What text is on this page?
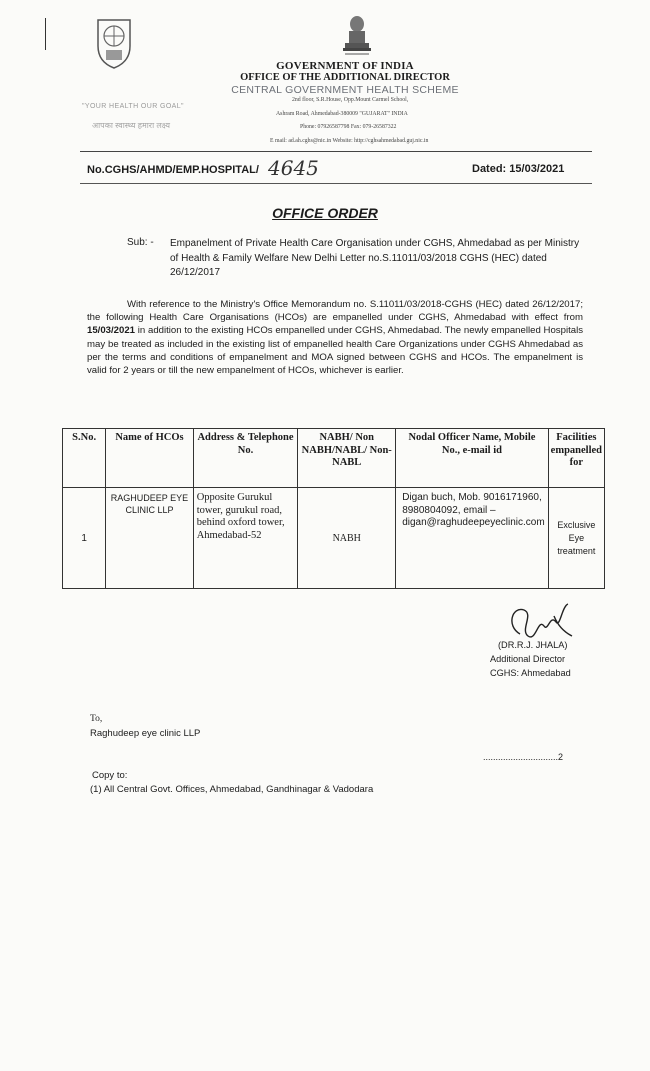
GOVERNMENT OF INDIA
OFFICE OF THE ADDITIONAL DIRECTOR
CENTRAL GOVERNMENT HEALTH SCHEME
2nd floor, S.R.House, Opp.Mount Carmel School,
Ashram Road, Ahmedabad-380009 "GUJARAT" INDIA
Phone: 07926587798 Fax: 079-26587322
E mail: ad.ah.cghs@nic.in Website: http://cghsahmedabad.guj.nic.in
"YOUR HEALTH OUR GOAL"
आपका स्वास्थ्य हमारा लक्ष्य
No.CGHS/AHMD/EMP.HOSPITAL/ 4645	Dated: 15/03/2021
OFFICE ORDER
Sub: - Empanelment of Private Health Care Organisation under CGHS, Ahmedabad as per Ministry of Health & Family Welfare New Delhi Letter no.S.11011/03/2018 CGHS (HEC) dated 26/12/2017
With reference to the Ministry's Office Memorandum no. S.11011/03/2018-CGHS (HEC) dated 26/12/2017; the following Health Care Organisations (HCOs) are empanelled under CGHS, Ahmedabad with effect from 15/03/2021 in addition to the existing HCOs empanelled under CGHS, Ahmedabad. The newly empanelled Hospitals may be treated as included in the existing list of empanelled health Care Organizations under CGHS Ahmedabad as per the terms and conditions of empanelment and MOA signed between CGHS and HCOs. The empanelment is valid for 2 years or till the new empanelment of HCOs, whichever is earlier.
S.No.	Name of HCOs	Address & Telephone No.	NABH/ Non NABH/NABL/ Non-NABL	Nodal Officer Name, Mobile No., e-mail id	Facilities empanelled for
1	RAGHUDEEP EYE CLINIC LLP	Opposite Gurukul tower, gurukul road, behind oxford tower, Ahmedabad-52	NABH	Digan buch, Mob. 9016171960, 8980804092, email – digan@raghudeepeyeclinic.com	Exclusive Eye treatment
(DR.R.J. JHALA)
Additional Director
CGHS: Ahmedabad
To,
Raghudeep eye clinic LLP
..............................2
Copy to:
(1) All Central Govt. Offices, Ahmedabad, Gandhinagar & Vadodara
